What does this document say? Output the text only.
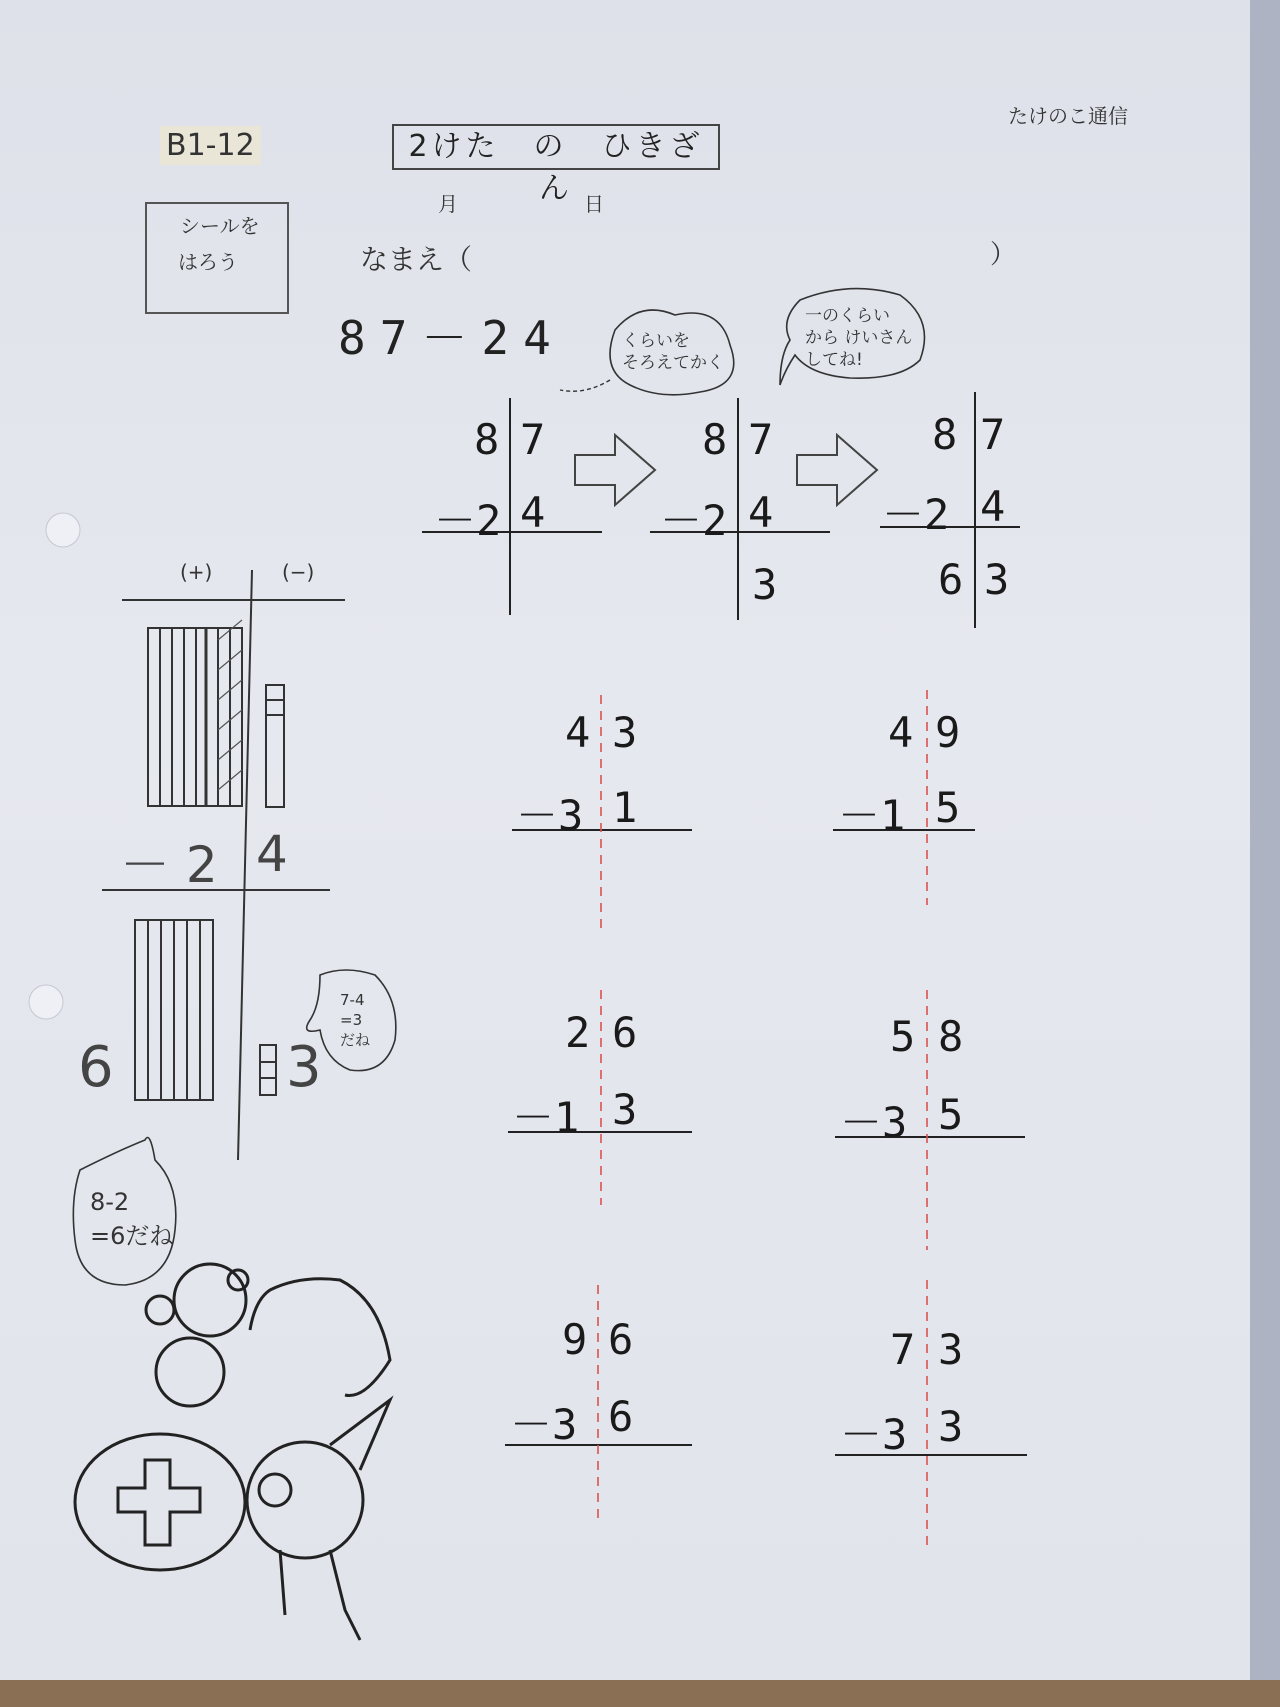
B1-12	2けた　の　ひきざん
たけのこ通信
月	日
シールを
はろう	なまえ（	）
87－24	くらいを
そろえてかく
一のくらい
から けいさん
してね!
7-4
=3
だね
8-2
=6だね
(+)	(−)
－ 2 4
6	3
8 7
－2 4
8 7
－2 4
3
8 7
－2 4
6 3
4 3
－3 1
4 9
－1 5
2 6
－1 3
5 8
－3 5
9 6
－3 6
7 3
－3 3
